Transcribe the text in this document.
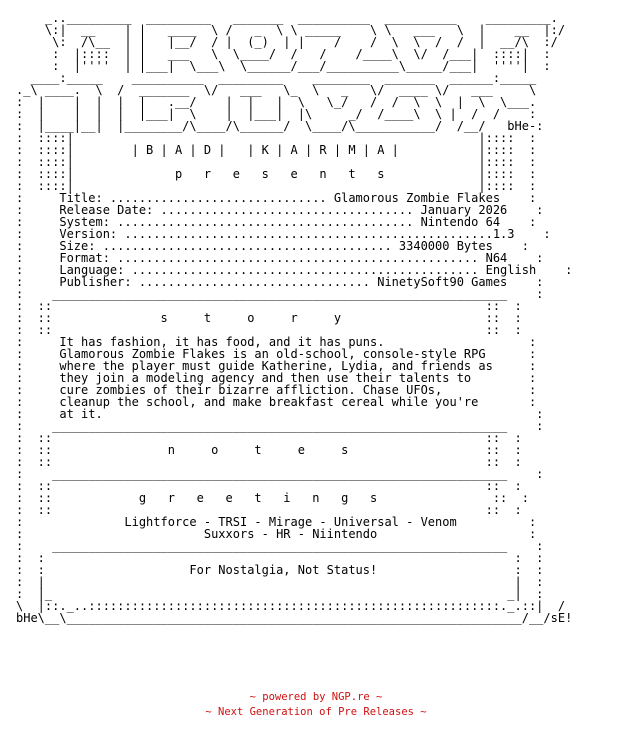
_.._________  _________   _______  __________  __________    _________.
\:|  __    | |   ____  \ /   _  \ \ _____    \ \   ___   \  |    __  |:/
\:  /\__  | |   |__/  / |  (_)  | |    /    /  \  \  /  /  |  __/\  :/
:  |::::  | |   ___   \  \____/  /   /    /____\  \/  /___|  ::::|  :
:  |''''  | |___|  \___\  \______/___/__________\_____/___|  ''''|  :
____:_____    __________  _________    ________  _______  ______:_____
._\ ____.  \  /  _______  \/   ___   \_  \   _   \/  ____ \/   ___     \
:  |    |  |  |  |   .__/    |  |   |  \   \_/   /  /  \  \  |  \  \___.
:  |    |  |  |  |___|  \    |  |___|  |\     _/  /____\  \ |  /  /    :
:  |____|__|  |________/\____/\______/  \____/\___________/  /__/   bHe-:
:  ::::|                                                        |::::  :
:  ::::|        | B | A | D |   | K | A | R | M | A |           |::::  :
:  ::::|                                                        |::::  :
:  ::::|              p   r   e   s   e   n   t   s             |::::  :
:  ::::|                                                        |::::  :
:     Title: .............................. Glamorous Zombie Flakes    :
:     Release Date: ................................... January 2026    :
:     System: ......................................... Nintendo 64    :
:     Version: ...................................................1.3    :
:     Size: ........................................ 3340000 Bytes    :
:     Format: .................................................. N64    :
:     Language: ................................................ English    :
:     Publisher: ................................ NinetySoft90 Games    :
:    _______________________________________________________________    :
:  ::                                                            ::  :
:  ::               s     t     o     r     y                    ::  :
:  ::                                                            ::  :
:     It has fashion, it has food, and it has puns.                    :
:     Glamorous Zombie Flakes is an old-school, console-style RPG      :
:     where the player must guide Katherine, Lydia, and friends as     :
:     they join a modeling agency and then use their talents to        :
:     cure zombies of their bizarre affliction. Chase UFOs,            :
:     cleanup the school, and make breakfast cereal while you're       :
:     at it.                                                            :
:    _______________________________________________________________    :
:  ::                                                            ::  :
:  ::                n     o     t     e     s                   ::  :
:  ::                                                            ::  :
:    _______________________________________________________________    :
:  ::                                                            ::  :
:  ::            g   r   e   e   t   i   n   g   s                ::  :
:  ::                                                            ::  :
:              Lightforce - TRSI - Mirage - Universal - Venom          :
:                         Suxxors - HR - Niintendo                     :
:    _______________________________________________________________    :
:  :                                                                 :  :
:  :                    For Nostalgia, Not Status!                   :  :
:  |                                                                 |  :
:  |_                                                               _|  :
\  |::._..:::::::::::::::::::::::::::::::::::::::::::::::::::::::::._.::|  /
bHe\__\_______________________________________________________________/__/sE!

~ powered by NGP.re ~
~ Next Generation of Pre Releases ~
